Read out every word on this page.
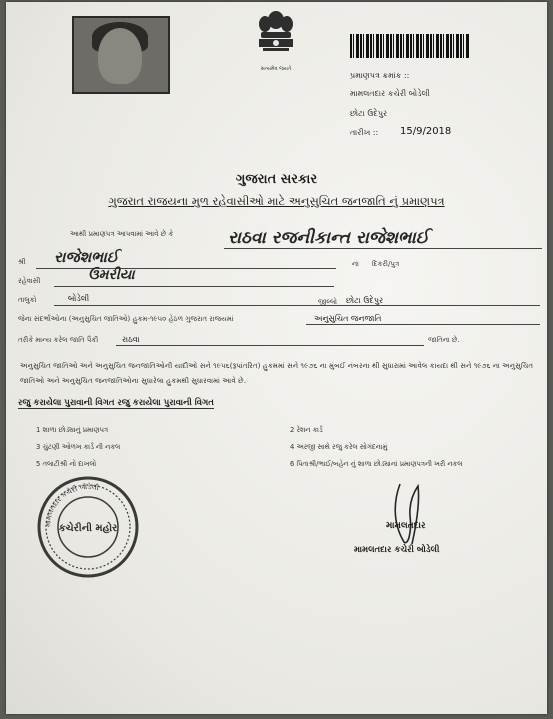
સત્યમેવ જયતે
પ્રમાણપત્ર ક્રમાંક ::
મામલતદાર કચેરી બોડેલી
છોટા ઉદેપુર
તારીખ :: 15/9/2018
ગુજરાત સરકાર
ગુજરાત રાજયના મુળ રહેવાસીઓ માટે અનુસુચિત જનજાતિ નું પ્રમાણપત્ર
આથી પ્રમાણપત્ર આપવામાં આવે છે કે	રાઠવા રજનીકાન્ત રાજેશભાઈ
શ્રી રાજેશભાઈ	ના દિકરી/પુત્ર
રહેવાસી	ઉમરીયા
તાલુકો	બોડેલી	જીલ્લો છોટા ઉદેપુર
જેના સંદર્ભાઓના (અનુસુચિત જાતિઓ) હુકમ-૧૯૫૦ હેઠળ ગુજરાત રાજયમાં	અનુસુચિત જનજાતિ
તરીકે માન્ય કરેલ જાતિ પૈકી	રાઠવા	જાતિના છે.
અનુસુચિત જાતિઓ અને અનુસુચિત જનજાતિઓની યાદીઓ સને ૧૯૫૬(રૂપાંતરિત) હુકમમાં સને ૧૯૭૬ ના મુંબઈ નંબરના થી સુધારામાં આવેલ કાયદા થી સને ૧૯૭૬ ના અનુસુચિત જાતિઓ અને અનુસુચિત જનજાતિઓના સુધારેલા હુકમથી સુધારવામાં આવે છે.
રજુ કરાયેલા પુરાવાની વિગત રજુ કરાયેલા પુરાવાની વિગત
1 શાળા છોડ્યાનું પ્રમાણપત્ર
3 ચુંટણી ઓળખ કાર્ડ ની નકલ
5 તલાટીશ્રી નો દાખલો
2 રેશન કાર્ડ
4 અરજી સાથે રજુ કરેલ સોગંદનામું
6 પિતાશ્રી/ભાઈ/બહેન નું શાળા છોડ્યાનાં પ્રમાણપત્રની ખરી નકલ
મામલતદાર કચેરી બોડેલી
કચેરીની મહોર	મામલતદાર
મામલતદાર કચેરી બોડેલી
